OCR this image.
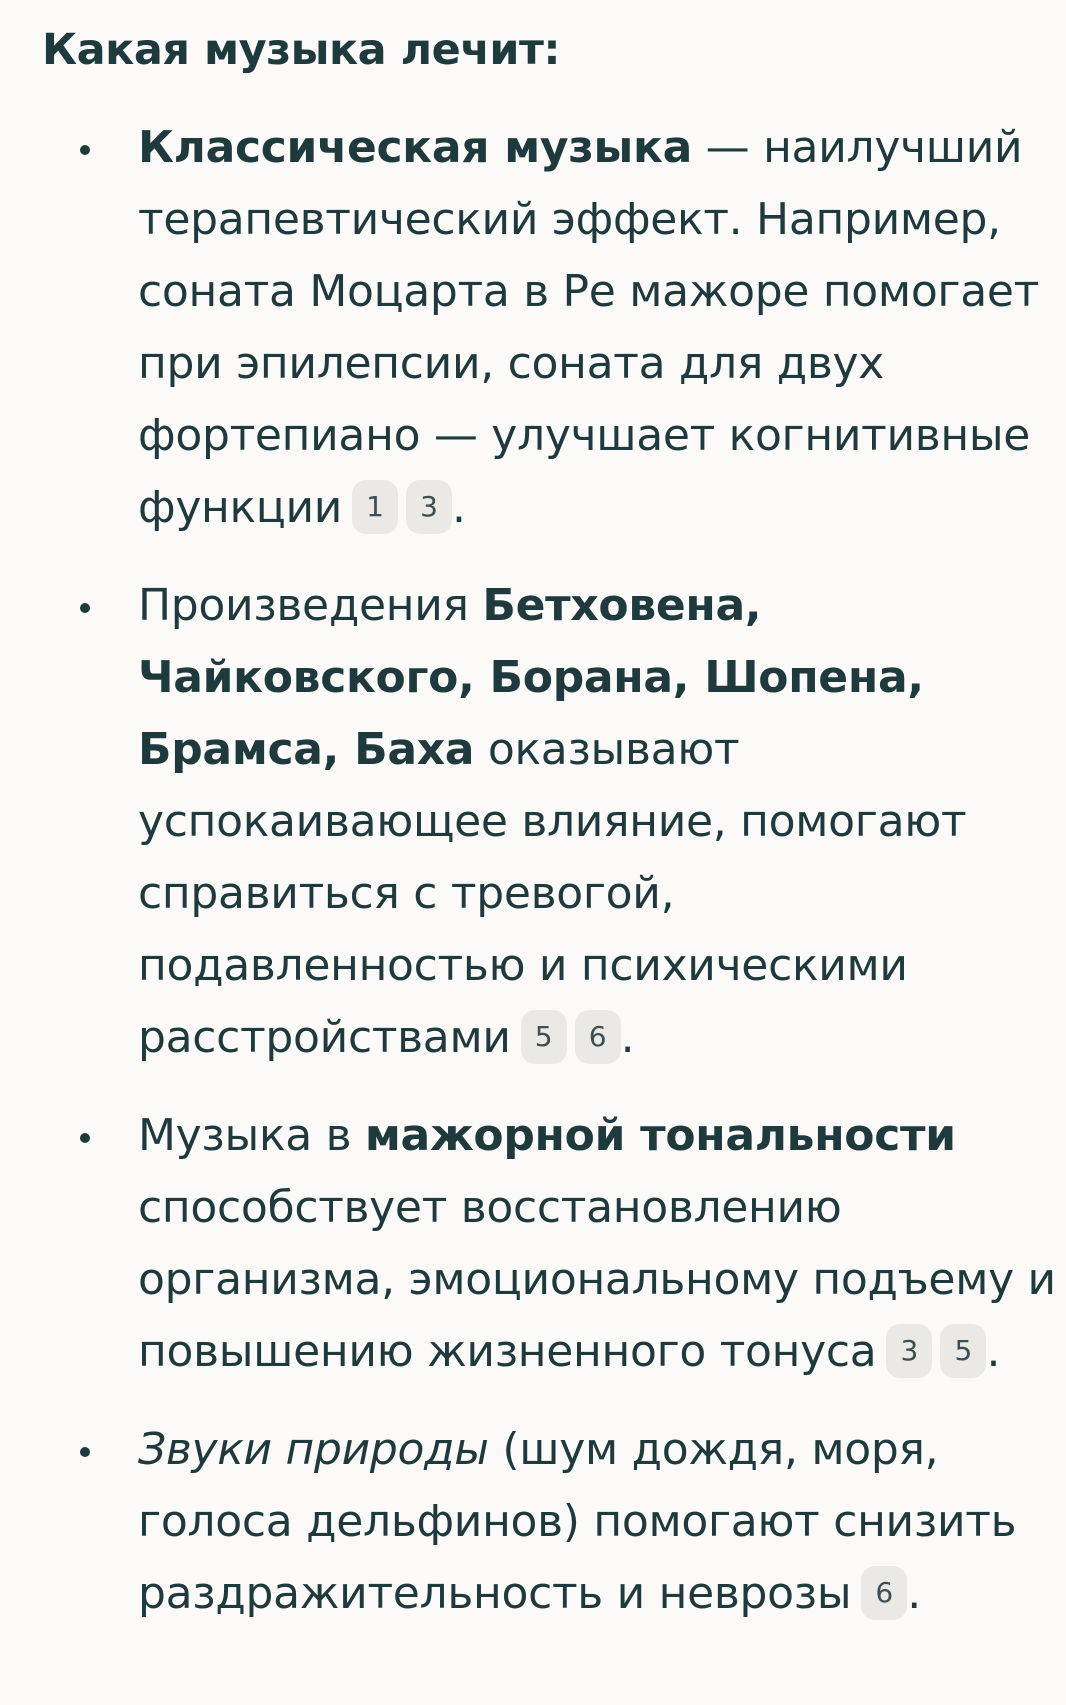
Какая музыка лечит:
Классическая музыка — наилучший терапевтический эффект. Например, соната Моцарта в Ре мажоре помогает при эпилепсии, соната для двух фортепиано — улучшает когнитивные функции 1 3 .
Произведения Бетховена, Чайковского, Борана, Шопена, Брамса, Баха оказывают успокаивающее влияние, помогают справиться с тревогой, подавленностью и психическими расстройствами 5 6 .
Музыка в мажорной тональности способствует восстановлению организма, эмоциональному подъему и повышению жизненного тонуса 3 5 .
Звуки природы (шум дождя, моря, голоса дельфинов) помогают снизить раздражительность и неврозы 6 .
